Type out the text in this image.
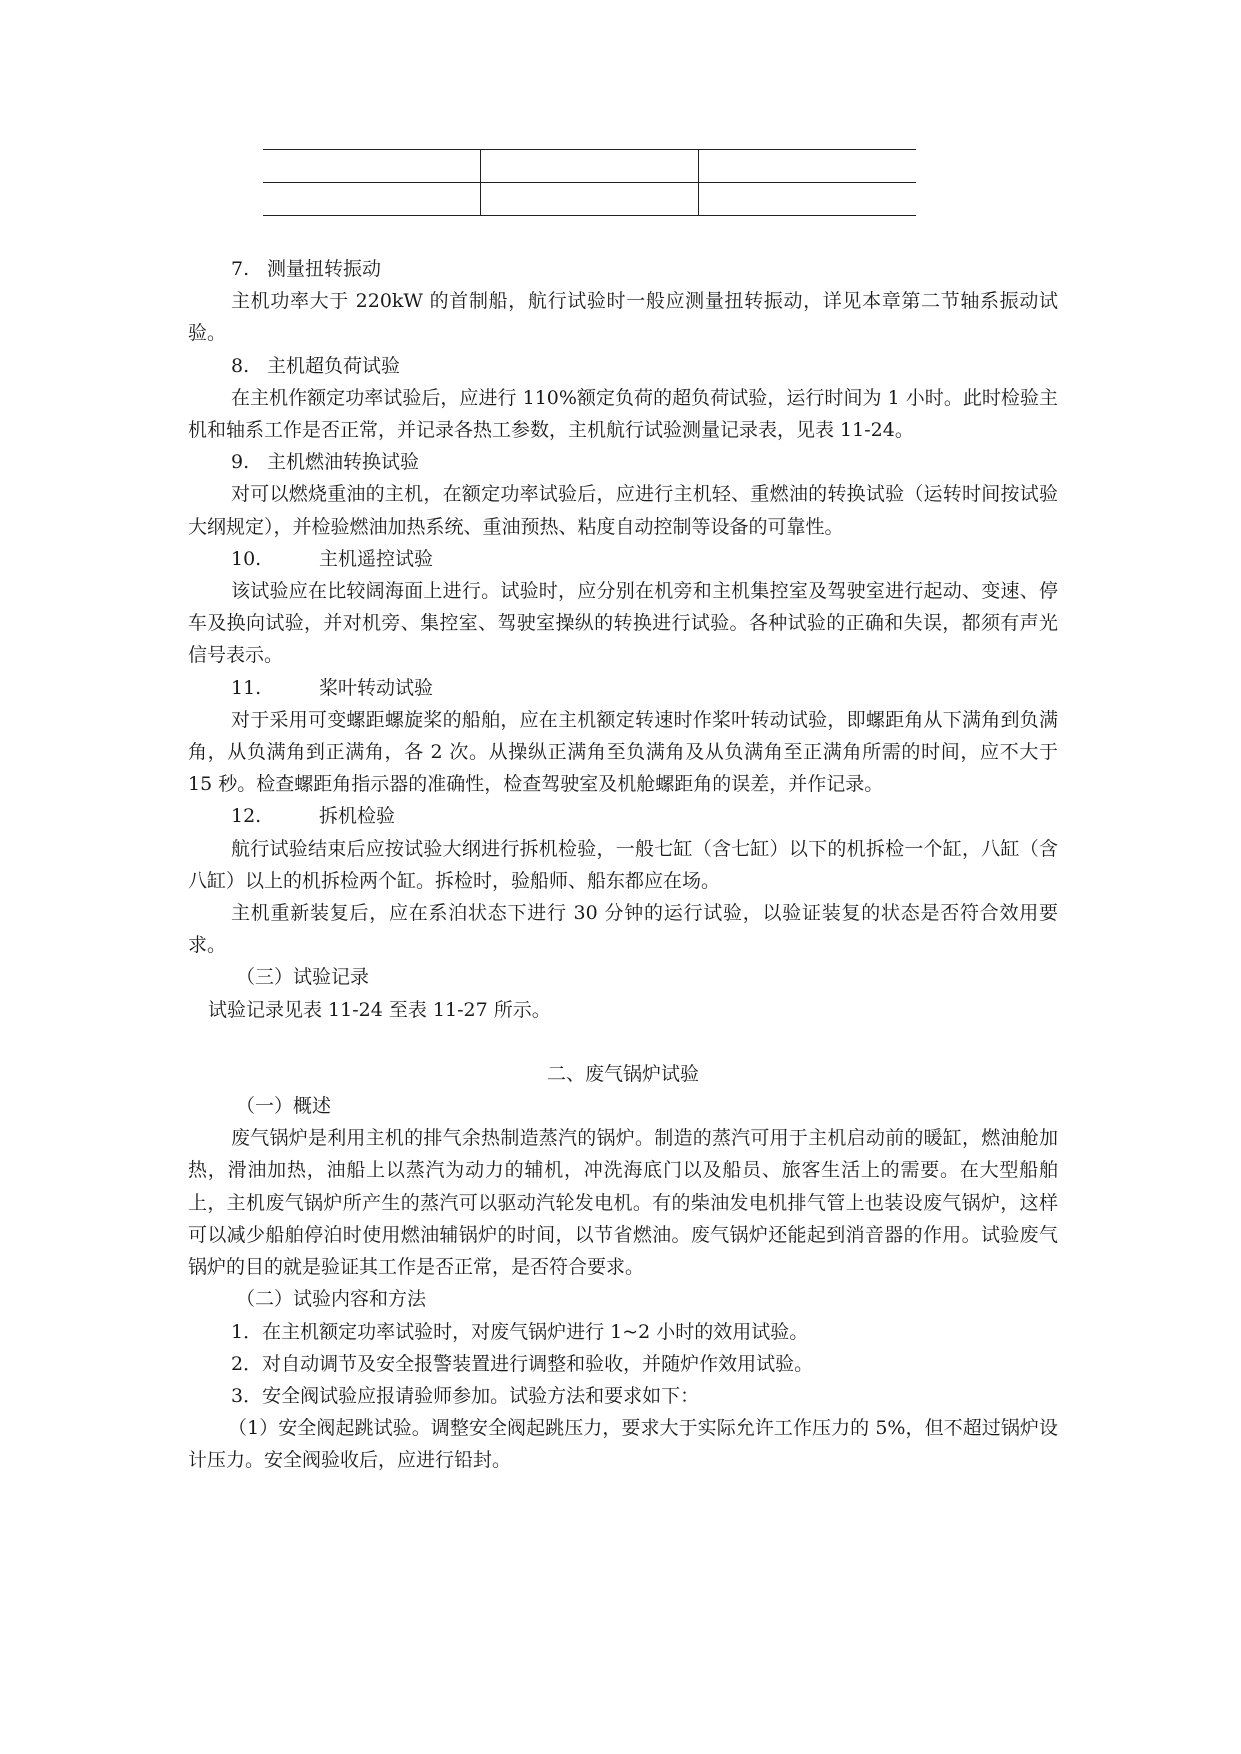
7. 测量扭转振动

主机功率大于 220kW 的首制船，航行试验时一般应测量扭转振动，详见本章第二节轴系振动试验。

8. 主机超负荷试验

在主机作额定功率试验后，应进行 110%额定负荷的超负荷试验，运行时间为 1 小时。此时检验主机和轴系工作是否正常，并记录各热工参数，主机航行试验测量记录表，见表 11-24。

9. 主机燃油转换试验

对可以燃烧重油的主机，在额定功率试验后，应进行主机轻、重燃油的转换试验（运转时间按试验大纲规定），并检验燃油加热系统、重油预热、粘度自动控制等设备的可靠性。

10.	主机遥控试验

该试验应在比较阔海面上进行。试验时，应分别在机旁和主机集控室及驾驶室进行起动、变速、停车及换向试验，并对机旁、集控室、驾驶室操纵的转换进行试验。各种试验的正确和失误，都须有声光信号表示。

11.	桨叶转动试验

对于采用可变螺距螺旋桨的船舶，应在主机额定转速时作桨叶转动试验，即螺距角从下满角到负满角，从负满角到正满角，各 2 次。从操纵正满角至负满角及从负满角至正满角所需的时间，应不大于 15 秒。检查螺距角指示器的准确性，检查驾驶室及机舱螺距角的误差，并作记录。

12.	拆机检验

航行试验结束后应按试验大纲进行拆机检验，一般七缸（含七缸）以下的机拆检一个缸，八缸（含八缸）以上的机拆检两个缸。拆检时，验船师、船东都应在场。

主机重新装复后，应在系泊状态下进行 30 分钟的运行试验，以验证装复的状态是否符合效用要求。

（三）试验记录

试验记录见表 11-24 至表 11-27 所示。

二、废气锅炉试验

（一）概述

废气锅炉是利用主机的排气余热制造蒸汽的锅炉。制造的蒸汽可用于主机启动前的暖缸，燃油舱加热，滑油加热，油船上以蒸汽为动力的辅机，冲洗海底门以及船员、旅客生活上的需要。在大型船舶上，主机废气锅炉所产生的蒸汽可以驱动汽轮发电机。有的柴油发电机排气管上也装设废气锅炉，这样可以减少船舶停泊时使用燃油辅锅炉的时间，以节省燃油。废气锅炉还能起到消音器的作用。试验废气锅炉的目的就是验证其工作是否正常，是否符合要求。

（二）试验内容和方法

1．在主机额定功率试验时，对废气锅炉进行 1~2 小时的效用试验。

2．对自动调节及安全报警装置进行调整和验收，并随炉作效用试验。

3．安全阀试验应报请验师参加。试验方法和要求如下：

（1）安全阀起跳试验。调整安全阀起跳压力，要求大于实际允许工作压力的 5%，但不超过锅炉设计压力。安全阀验收后，应进行铅封。
